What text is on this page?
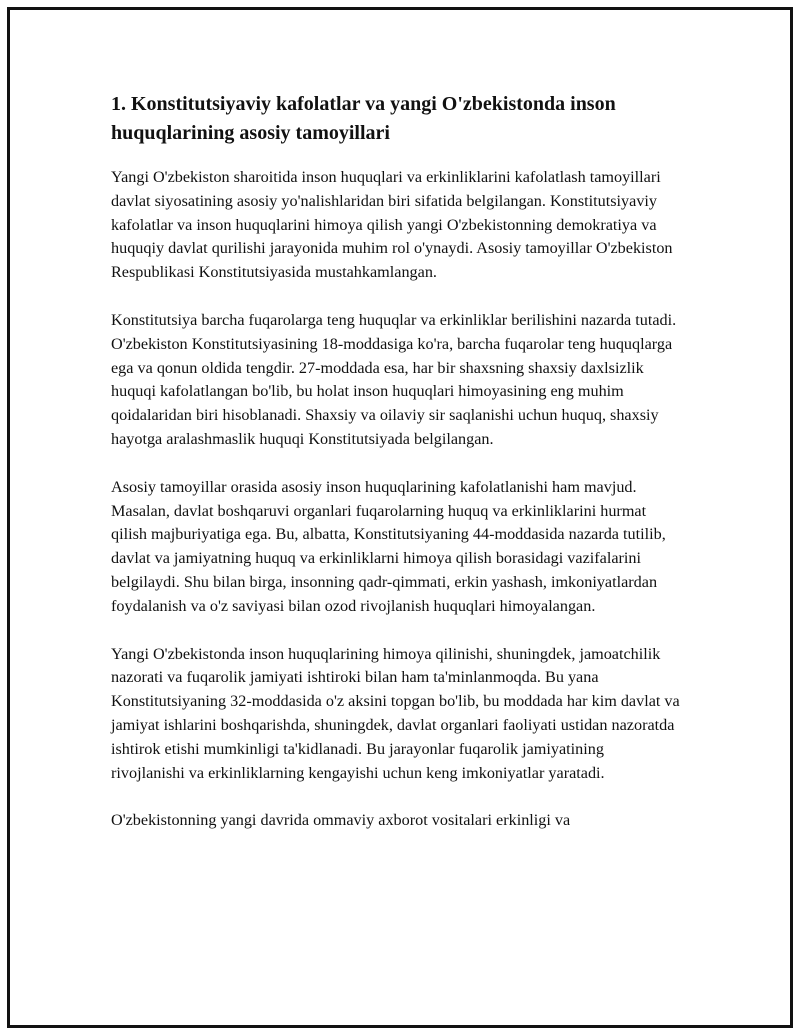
1. Konstitutsiyaviy kafolatlar va yangi O'zbekistonda inson huquqlarining asosiy tamoyillari

Yangi O'zbekiston sharoitida inson huquqlari va erkinliklarini kafolatlash tamoyillari davlat siyosatining asosiy yo'nalishlaridan biri sifatida belgilangan. Konstitutsiyaviy kafolatlar va inson huquqlarini himoya qilish yangi O'zbekistonning demokratiya va huquqiy davlat qurilishi jarayonida muhim rol o'ynaydi. Asosiy tamoyillar O'zbekiston Respublikasi Konstitutsiyasida mustahkamlangan.

Konstitutsiya barcha fuqarolarga teng huquqlar va erkinliklar berilishini nazarda tutadi. O'zbekiston Konstitutsiyasining 18-moddasiga ko'ra, barcha fuqarolar teng huquqlarga ega va qonun oldida tengdir. 27-moddada esa, har bir shaxsning shaxsiy daxlsizlik huquqi kafolatlangan bo'lib, bu holat inson huquqlari himoyasining eng muhim qoidalaridan biri hisoblanadi. Shaxsiy va oilaviy sir saqlanishi uchun huquq, shaxsiy hayotga aralashmaslik huquqi Konstitutsiyada belgilangan.

Asosiy tamoyillar orasida asosiy inson huquqlarining kafolatlanishi ham mavjud. Masalan, davlat boshqaruvi organlari fuqarolarning huquq va erkinliklarini hurmat qilish majburiyatiga ega. Bu, albatta, Konstitutsiyaning 44-moddasida nazarda tutilib, davlat va jamiyatning huquq va erkinliklarni himoya qilish borasidagi vazifalarini belgilaydi. Shu bilan birga, insonning qadr-qimmati, erkin yashash, imkoniyatlardan foydalanish va o'z saviyasi bilan ozod rivojlanish huquqlari himoyalangan.

Yangi O'zbekistonda inson huquqlarining himoya qilinishi, shuningdek, jamoatchilik nazorati va fuqarolik jamiyati ishtiroki bilan ham ta'minlanmoqda. Bu yana Konstitutsiyaning 32-moddasida o'z aksini topgan bo'lib, bu moddada har kim davlat va jamiyat ishlarini boshqarishda, shuningdek, davlat organlari faoliyati ustidan nazoratda ishtirok etishi mumkinligi ta'kidlanadi. Bu jarayonlar fuqarolik jamiyatining rivojlanishi va erkinliklarning kengayishi uchun keng imkoniyatlar yaratadi.

O'zbekistonning yangi davrida ommaviy axborot vositalari erkinligi va
